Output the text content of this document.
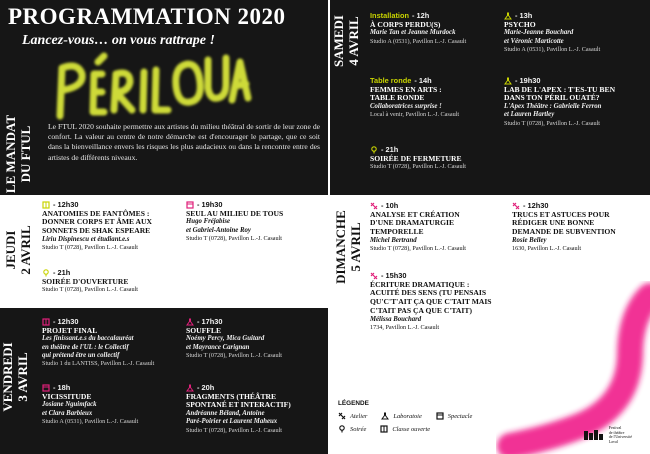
PROGRAMMATION 2020
Lancez-vous… on vous rattrape !
Le FTUL 2020 souhaite permettre aux artistes du milieu théâtral de sortir de leur zone de confort. La valeur au centre de notre démarche est d'encourager le partage, que ce soit dans la bienveillance envers les risques les plus audacieux ou dans la rencontre entre des artistes de différents niveaux.
LE MANDAT DU FTUL
JEUDI 2 AVRIL
- 12h30
ANATOMIES DE FANTÔMES :
DONNER CORPS ET ÂME AUX
SONNETS DE SHAK ESPEARE
Liriu Dispinescu et étudiant.e.s
Studio T (0728), Pavillon L.-J. Casault
- 19h30
SEUL AU MILIEU DE TOUS
Hugo Fréjabise
et Gabriel-Antoine Roy
Studio T (0728), Pavillon L.-J. Casault
- 21h
SOIRÉE D'OUVERTURE
Studio T (0728), Pavillon L.-J. Casault
VENDREDI 3 AVRIL
- 12h30
PROJET FINAL
Les finissant.e.s du baccalauréat
en théâtre de l'UL : le Collectif
qui prétend être un collectif
Studio 1 du LANTISS, Pavillon L.-J. Casault
- 17h30
SOUFFLE
Noémy Percy, Mica Guitard
et Mayrance Carignan
Studio T (0728), Pavillon L.-J. Casault
- 18h
VICISSITUDE
Josiane Nguimfack
et Clara Barbieux
Studio A (0531), Pavillon L.-J. Casault
- 20h
FRAGMENTS (THÉÂTRE
SPONTANÉ ET INTERACTIF)
Andréanne Béland, Antoine
Paré-Poirier et Laurent Maheux
Studio T (0728), Pavillon L.-J. Casault
SAMEDI 4 AVRIL
Installation - 12h
À CORPS PERDU(S)
Marie Tan et Jeanne Murdock
Studio A (0531), Pavillon L.-J. Casault
- 13h
PSYCHO
Marie-Jeanne Bouchard
et Véronic Marticotte
Studio A (0531), Pavillon L.-J. Casault
Table ronde - 14h
FEMMES EN ARTS :
TABLE RONDE
Collaboratrices surprise !
Local à venir, Pavillon L.-J. Casault
- 19h30
LAB DE L'APEX : T'ES-TU BEN
DANS TON PÉRIL OUATÉ?
L'Apex Théâtre : Gabrielle Ferron
et Lauren Hartley
Studio T (0728), Pavillon L.-J. Casault
- 21h
SOIRÉE DE FERMETURE
Studio T (0728), Pavillon L.-J. Casault
DIMANCHE 5 AVRIL
- 10h
ANALYSE ET CRÉATION
D'UNE DRAMATURGIE
TEMPORELLE
Michel Bertrand
Studio T (0728), Pavillon L.-J. Casault
- 12h30
TRUCS ET ASTUCES POUR
RÉDIGER UNE BONNE
DEMANDE DE SUBVENTION
Rosie Belley
1630, Pavillon L.-J. Casault
- 15h30
ÉCRITURE DRAMATIQUE :
ACUITÉ DES SENS (TU PENSAIS
QU'C'T'AIT ÇA QUE C'TAIT MAIS
C'TAIT PAS ÇA QUE C'TAIT)
Mélissa Bouchard
1734, Pavillon L.-J. Casault
LÉGENDE
Atelier	Laboratoie	Spectacle
Soirée	Classe ouverte	Festival
de théâtre
de l'Université
Laval
